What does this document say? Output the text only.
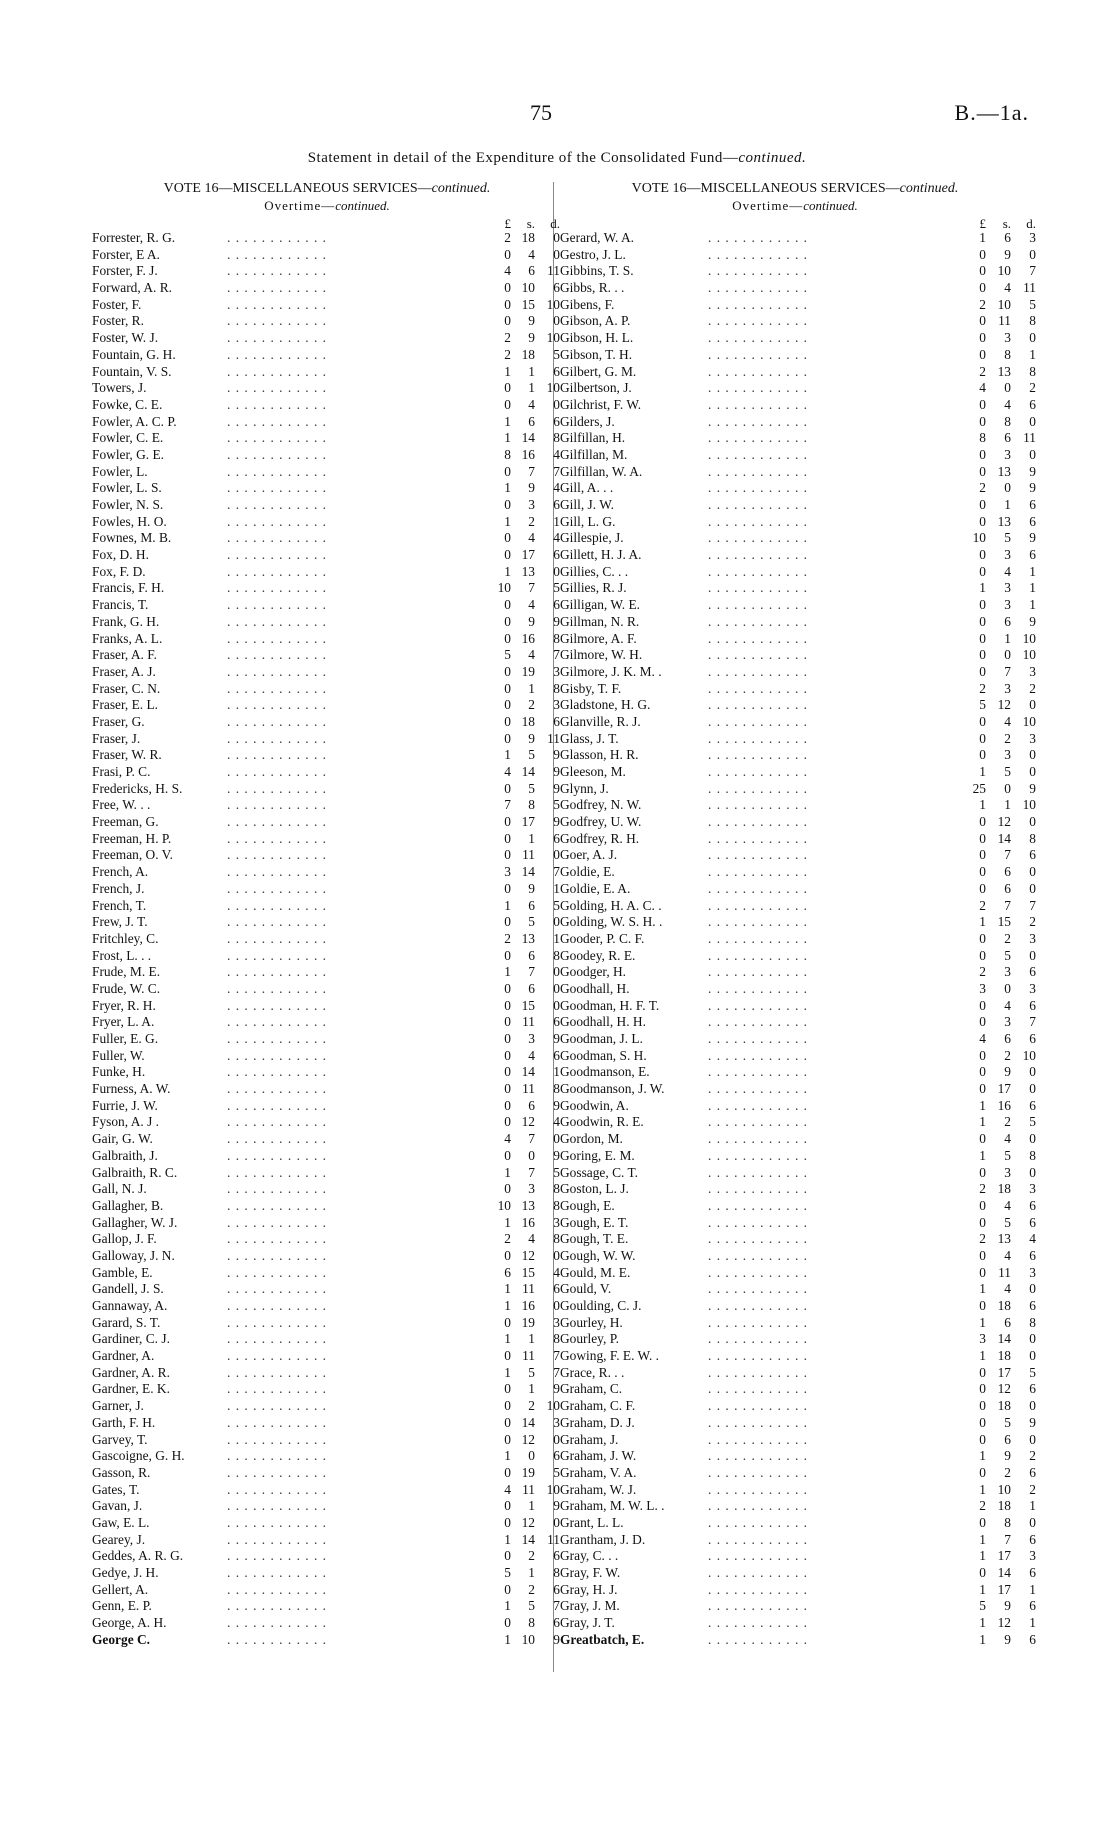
75	B.—1a.
Statement in detail of the Expenditure of the Consolidated Fund—continued.
VOTE 16—MISCELLANEOUS SERVICES—continued.
Overtime—continued.
£	s.	d.
Forrester, R. G.	. . . . . . . . . . . .	2 18	0
Forster, E A.	. . . . . . . . . . . .	0	4	0
Forster, F. J.	. . . . . . . . . . . .	4	6 11
Forward, A. R.	. . . . . . . . . . . .	0 10	6
Foster, F.	. . . . . . . . . . . .	0 15 10
Foster, R.	. . . . . . . . . . . .	0	9	0
Foster, W. J.	. . . . . . . . . . . .	2	9 10
Fountain, G. H.	. . . . . . . . . . . .	2 18	5
Fountain, V. S.	. . . . . . . . . . . .	1	1	6
Towers, J.	. . . . . . . . . . . .	0	1 10
Fowke, C. E.	. . . . . . . . . . . .	0	4	0
Fowler, A. C. P.	. . . . . . . . . . . .	1	6	6
Fowler, C. E.	. . . . . . . . . . . .	1 14	8
Fowler, G. E.	. . . . . . . . . . . .	8 16	4
Fowler, L.	. . . . . . . . . . . .	0	7	7
Fowler, L. S.	. . . . . . . . . . . .	1	9	4
Fowler, N. S.	. . . . . . . . . . . .	0	3	6
Fowles, H. O.	. . . . . . . . . . . .	1	2	1
Fownes, M. B.	. . . . . . . . . . . .	0	4	4
Fox, D. H.	. . . . . . . . . . . .	0 17	6
Fox, F. D.	. . . . . . . . . . . .	1 13	0
Francis, F. H.	. . . . . . . . . . . .	10	7	5
Francis, T.	. . . . . . . . . . . .	0	4	6
Frank, G. H.	. . . . . . . . . . . .	0	9	9
Franks, A. L.	. . . . . . . . . . . .	0 16	8
Fraser, A. F.	. . . . . . . . . . . .	5	4	7
Fraser, A. J.	. . . . . . . . . . . .	0 19	3
Fraser, C. N.	. . . . . . . . . . . .	0	1	8
Fraser, E. L.	. . . . . . . . . . . .	0	2	3
Fraser, G.	. . . . . . . . . . . .	0 18	6
Fraser, J.	. . . . . . . . . . . .	0	9 11
Fraser, W. R.	. . . . . . . . . . . .	1	5	9
Frasi, P. C.	. . . . . . . . . . . .	4 14	9
Fredericks, H. S.	. . . . . . . . . . . .	0	5	9
Free, W. . .	. . . . . . . . . . . .	7	8	5
Freeman, G.	. . . . . . . . . . . .	0 17	9
Freeman, H. P.	. . . . . . . . . . . .	0	1	6
Freeman, O. V.	. . . . . . . . . . . .	0 11	0
French, A.	. . . . . . . . . . . .	3 14	7
French, J.	. . . . . . . . . . . .	0	9	1
French, T.	. . . . . . . . . . . .	1	6	5
Frew, J. T.	. . . . . . . . . . . .	0	5	0
Fritchley, C.	. . . . . . . . . . . .	2 13	1
Frost, L. . .	. . . . . . . . . . . .	0	6	8
Frude, M. E.	. . . . . . . . . . . .	1	7	0
Frude, W. C.	. . . . . . . . . . . .	0	6	0
Fryer, R. H.	. . . . . . . . . . . .	0 15	0
Fryer, L. A.	. . . . . . . . . . . .	0 11	6
Fuller, E. G.	. . . . . . . . . . . .	0	3	9
Fuller, W.	. . . . . . . . . . . .	0	4	6
Funke, H.	. . . . . . . . . . . .	0 14	1
Furness, A. W.	. . . . . . . . . . . .	0 11	8
Furrie, J. W.	. . . . . . . . . . . .	0	6	9
Fyson, A. J .	. . . . . . . . . . . .	0 12	4
Gair, G. W.	. . . . . . . . . . . .	4	7	0
Galbraith, J.	. . . . . . . . . . . .	0	0	9
Galbraith, R. C.	. . . . . . . . . . . .	1	7	5
Gall, N. J.	. . . . . . . . . . . .	0	3	8
Gallagher, B.	. . . . . . . . . . . .	10 13	8
Gallagher, W. J.	. . . . . . . . . . . .	1 16	3
Gallop, J. F.	. . . . . . . . . . . .	2	4	8
Galloway, J. N.	. . . . . . . . . . . .	0 12	0
Gamble, E.	. . . . . . . . . . . .	6 15	4
Gandell, J. S.	. . . . . . . . . . . .	1 11	6
Gannaway, A.	. . . . . . . . . . . .	1 16	0
Garard, S. T.	. . . . . . . . . . . .	0 19	3
Gardiner, C. J.	. . . . . . . . . . . .	1	1	8
Gardner, A.	. . . . . . . . . . . .	0 11	7
Gardner, A. R.	. . . . . . . . . . . .	1	5	7
Gardner, E. K.	. . . . . . . . . . . .	0	1	9
Garner, J.	. . . . . . . . . . . .	0	2 10
Garth, F. H.	. . . . . . . . . . . .	0 14	3
Garvey, T.	. . . . . . . . . . . .	0 12	0
Gascoigne, G. H.	. . . . . . . . . . . .	1	0	6
Gasson, R.	. . . . . . . . . . . .	0 19	5
Gates, T.	. . . . . . . . . . . .	4 11 10
Gavan, J.	. . . . . . . . . . . .	0	1	9
Gaw, E. L.	. . . . . . . . . . . .	0 12	0
Gearey, J.	. . . . . . . . . . . .	1 14 11
Geddes, A. R. G.	. . . . . . . . . . . .	0	2	6
Gedye, J. H.	. . . . . . . . . . . .	5	1	8
Gellert, A.	. . . . . . . . . . . .	0	2	6
Genn, E. P.	. . . . . . . . . . . .	1	5	7
George, A. H.	. . . . . . . . . . . .	0	8	6
George C.	. . . . . . . . . . . .	1 10	9
VOTE 16—MISCELLANEOUS SERVICES—continued.
Overtime—continued.
£	s.	d.
Gerard, W. A.	. . . . . . . . . . . .	1	6	3
Gestro, J. L.	. . . . . . . . . . . .	0	9	0
Gibbins, T. S.	. . . . . . . . . . . .	0 10	7
Gibbs, R. . .	. . . . . . . . . . . .	0	4 11
Gibens, F.	. . . . . . . . . . . .	2 10	5
Gibson, A. P.	. . . . . . . . . . . .	0 11	8
Gibson, H. L.	. . . . . . . . . . . .	0	3	0
Gibson, T. H.	. . . . . . . . . . . .	0	8	1
Gilbert, G. M.	. . . . . . . . . . . .	2 13	8
Gilbertson, J.	. . . . . . . . . . . .	4	0	2
Gilchrist, F. W.	. . . . . . . . . . . .	0	4	6
Gilders, J.	. . . . . . . . . . . .	0	8	0
Gilfillan, H.	. . . . . . . . . . . .	8	6 11
Gilfillan, M.	. . . . . . . . . . . .	0	3	0
Gilfillan, W. A.	. . . . . . . . . . . .	0 13	9
Gill, A. . .	. . . . . . . . . . . .	2	0	9
Gill, J. W.	. . . . . . . . . . . .	0	1	6
Gill, L. G.	. . . . . . . . . . . .	0 13	6
Gillespie, J.	. . . . . . . . . . . .	10	5	9
Gillett, H. J. A.	. . . . . . . . . . . .	0	3	6
Gillies, C. . .	. . . . . . . . . . . .	0	4	1
Gillies, R. J.	. . . . . . . . . . . .	1	3	1
Gilligan, W. E.	. . . . . . . . . . . .	0	3	1
Gillman, N. R.	. . . . . . . . . . . .	0	6	9
Gilmore, A. F.	. . . . . . . . . . . .	0	1 10
Gilmore, W. H.	. . . . . . . . . . . .	0	0 10
Gilmore, J. K. M. .	. . . . . . . . . . . .	0	7	3
Gisby, T. F.	. . . . . . . . . . . .	2	3	2
Gladstone, H. G.	. . . . . . . . . . . .	5 12	0
Glanville, R. J.	. . . . . . . . . . . .	0	4 10
Glass, J. T.	. . . . . . . . . . . .	0	2	3
Glasson, H. R.	. . . . . . . . . . . .	0	3	0
Gleeson, M.	. . . . . . . . . . . .	1	5	0
Glynn, J.	. . . . . . . . . . . .	25	0	9
Godfrey, N. W.	. . . . . . . . . . . .	1	1 10
Godfrey, U. W.	. . . . . . . . . . . .	0 12	0
Godfrey, R. H.	. . . . . . . . . . . .	0 14	8
Goer, A. J.	. . . . . . . . . . . .	0	7	6
Goldie, E.	. . . . . . . . . . . .	0	6	0
Goldie, E. A.	. . . . . . . . . . . .	0	6	0
Golding, H. A. C. .	. . . . . . . . . . . .	2	7	7
Golding, W. S. H. .	. . . . . . . . . . . .	1 15	2
Gooder, P. C. F.	. . . . . . . . . . . .	0	2	3
Goodey, R. E.	. . . . . . . . . . . .	0	5	0
Goodger, H.	. . . . . . . . . . . .	2	3	6
Goodhall, H.	. . . . . . . . . . . .	3	0	3
Goodman, H. F. T.	. . . . . . . . . . . .	0	4	6
Goodhall, H. H.	. . . . . . . . . . . .	0	3	7
Goodman, J. L.	. . . . . . . . . . . .	4	6	6
Goodman, S. H.	. . . . . . . . . . . .	0	2 10
Goodmanson, E.	. . . . . . . . . . . .	0	9	0
Goodmanson, J. W.	. . . . . . . . . . . .	0 17	0
Goodwin, A.	. . . . . . . . . . . .	1 16	6
Goodwin, R. E.	. . . . . . . . . . . .	1	2	5
Gordon, M.	. . . . . . . . . . . .	0	4	0
Goring, E. M.	. . . . . . . . . . . .	1	5	8
Gossage, C. T.	. . . . . . . . . . . .	0	3	0
Goston, L. J.	. . . . . . . . . . . .	2 18	3
Gough, E.	. . . . . . . . . . . .	0	4	6
Gough, E. T.	. . . . . . . . . . . .	0	5	6
Gough, T. E.	. . . . . . . . . . . .	2 13	4
Gough, W. W.	. . . . . . . . . . . .	0	4	6
Gould, M. E.	. . . . . . . . . . . .	0 11	3
Gould, V.	. . . . . . . . . . . .	1	4	0
Goulding, C. J.	. . . . . . . . . . . .	0 18	6
Gourley, H.	. . . . . . . . . . . .	1	6	8
Gourley, P.	. . . . . . . . . . . .	3 14	0
Gowing, F. E. W. .	. . . . . . . . . . . .	1 18	0
Grace, R. . .	. . . . . . . . . . . .	0 17	5
Graham, C.	. . . . . . . . . . . .	0 12	6
Graham, C. F.	. . . . . . . . . . . .	0 18	0
Graham, D. J.	. . . . . . . . . . . .	0	5	9
Graham, J.	. . . . . . . . . . . .	0	6	0
Graham, J. W.	. . . . . . . . . . . .	1	9	2
Graham, V. A.	. . . . . . . . . . . .	0	2	6
Graham, W. J.	. . . . . . . . . . . .	1 10	2
Graham, M. W. L. .	. . . . . . . . . . . .	2 18	1
Grant, L. L.	. . . . . . . . . . . .	0	8	0
Grantham, J. D.	. . . . . . . . . . . .	1	7	6
Gray, C. . .	. . . . . . . . . . . .	1 17	3
Gray, F. W.	. . . . . . . . . . . .	0 14	6
Gray, H. J.	. . . . . . . . . . . .	1 17	1
Gray, J. M.	. . . . . . . . . . . .	5	9	6
Gray, J. T.	. . . . . . . . . . . .	1 12	1
Greatbatch, E.	. . . . . . . . . . . .	1	9	6
